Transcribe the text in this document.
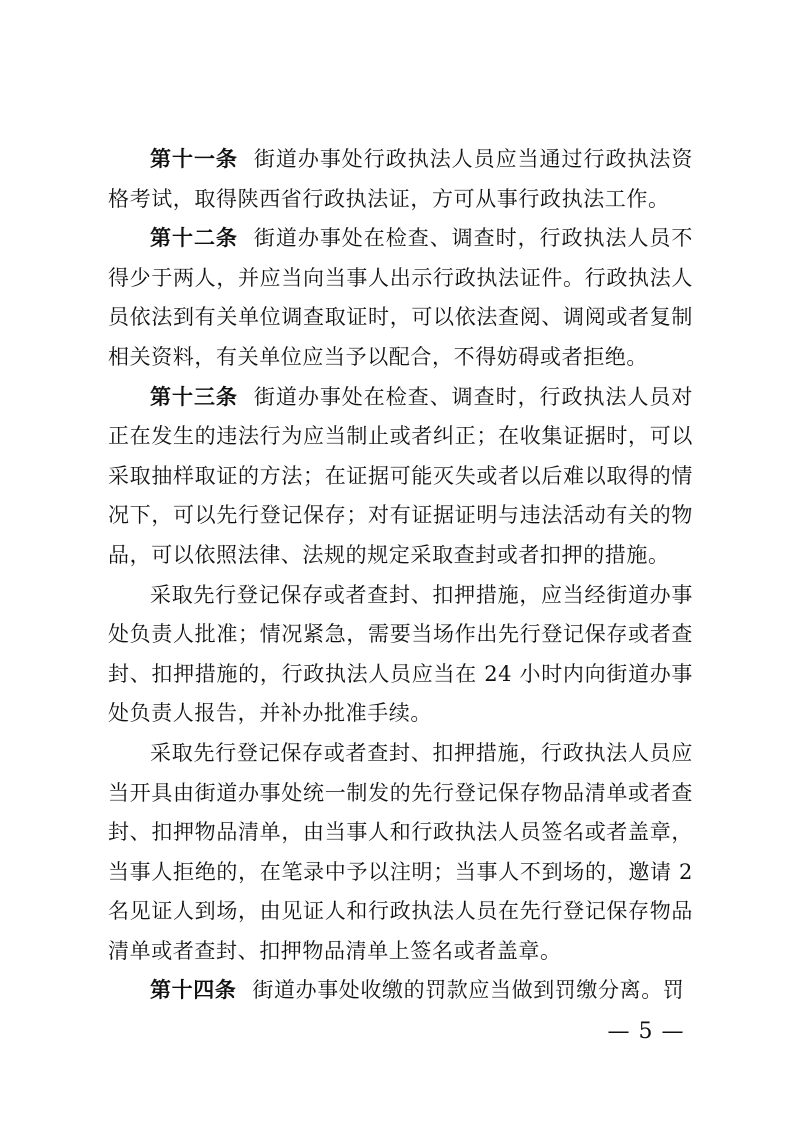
第十一条 街道办事处行政执法人员应当通过行政执法资格考试，取得陕西省行政执法证，方可从事行政执法工作。

第十二条 街道办事处在检查、调查时，行政执法人员不得少于两人，并应当向当事人出示行政执法证件。行政执法人员依法到有关单位调查取证时，可以依法查阅、调阅或者复制相关资料，有关单位应当予以配合，不得妨碍或者拒绝。

第十三条 街道办事处在检查、调查时，行政执法人员对正在发生的违法行为应当制止或者纠正；在收集证据时，可以采取抽样取证的方法；在证据可能灭失或者以后难以取得的情况下，可以先行登记保存；对有证据证明与违法活动有关的物品，可以依照法律、法规的规定采取查封或者扣押的措施。

采取先行登记保存或者查封、扣押措施，应当经街道办事处负责人批准；情况紧急，需要当场作出先行登记保存或者查封、扣押措施的，行政执法人员应当在 24 小时内向街道办事处负责人报告，并补办批准手续。

采取先行登记保存或者查封、扣押措施，行政执法人员应当开具由街道办事处统一制发的先行登记保存物品清单或者查封、扣押物品清单，由当事人和行政执法人员签名或者盖章，当事人拒绝的，在笔录中予以注明；当事人不到场的，邀请 2 名见证人到场，由见证人和行政执法人员在先行登记保存物品清单或者查封、扣押物品清单上签名或者盖章。

第十四条 街道办事处收缴的罚款应当做到罚缴分离。罚

— 5 —
